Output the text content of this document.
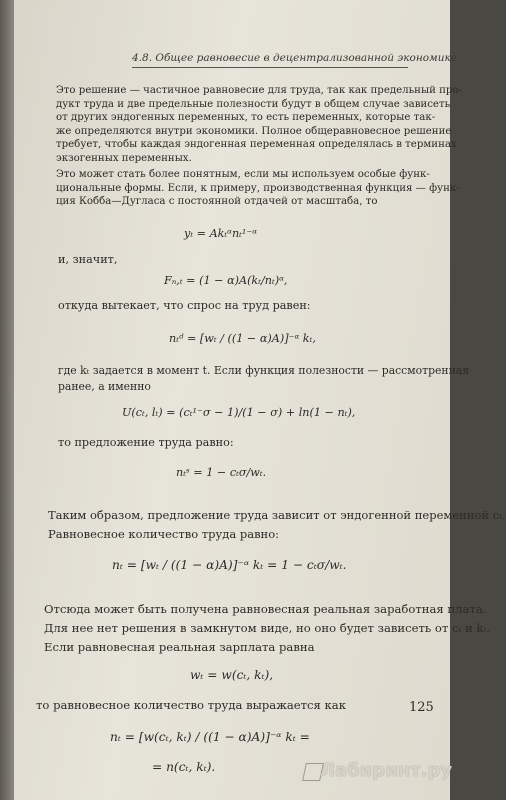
4.8. Общее равновесие в децентрализованной экономике
Это решение — частичное равновесие для труда, так как предельный про-
дукт труда и две предельные полезности будут в общем случае зависеть
от других эндогенных переменных, то есть переменных, которые так-
же определяются внутри экономики. Полное общеравновесное решение
требует, чтобы каждая эндогенная переменная определялась в терминах
экзогенных переменных.
Это может стать более понятным, если мы используем особые функ-
циональные формы. Если, к примеру, производственная функция — функ-
ция Кобба—Дугласа с постоянной отдачей от масштаба, то
yₜ = Akₜᵅnₜ¹⁻ᵅ
и, значит,
Fₙ,ₜ = (1 − α)A(kₜ/nₜ)ᵅ,
откуда вытекает, что спрос на труд равен:
nₜᵈ = [wₜ / ((1 − α)A)]⁻ᵅ kₜ,
где kₜ задается в момент t. Если функция полезности — рассмотренная
ранее, а именно
U(cₜ, lₜ) = (cₜ¹⁻σ − 1)/(1 − σ) + ln(1 − nₜ),
то предложение труда равно:
nₜˢ = 1 − cₜσ/wₜ.
Таким образом, предложение труда зависит от эндогенной переменной cₜ.
Равновесное количество труда равно:
nₜ = [wₜ / ((1 − α)A)]⁻ᵅ kₜ = 1 − cₜσ/wₜ.
Отсюда может быть получена равновесная реальная заработная плата.
Для нее нет решения в замкнутом виде, но оно будет зависеть от cₜ и kₜ.
Если равновесная реальная зарплата равна
wₜ = w(cₜ, kₜ),
то равновесное количество труда выражается как
nₜ = [w(cₜ, kₜ) / ((1 − α)A)]⁻ᵅ kₜ =
= n(cₜ, kₜ).
125
Лабиринт.ру
